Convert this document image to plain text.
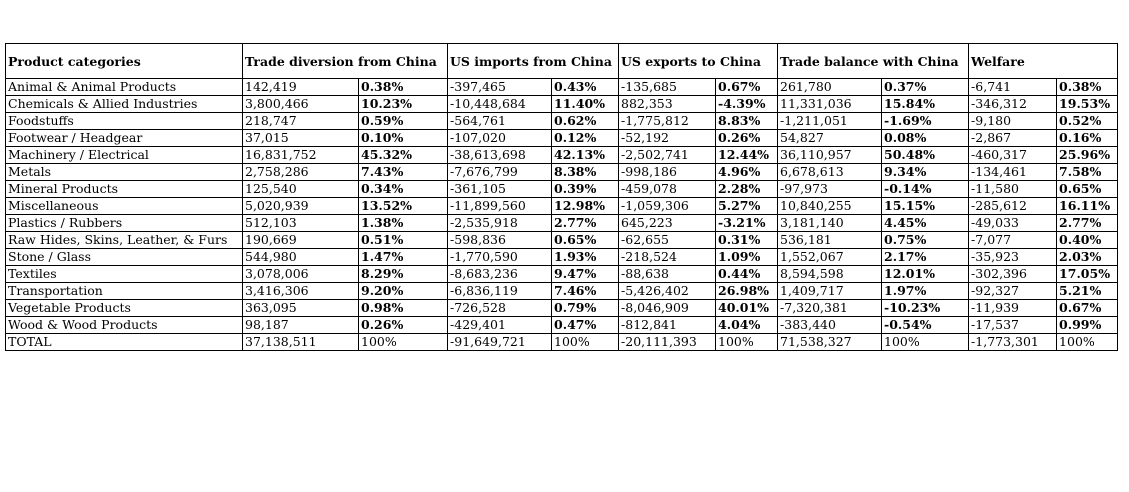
Product categories	Trade diversion from China		US imports from China		US exports to China		Trade balance with China		Welfare	
Animal & Animal Products	142,419	0.38%	-397,465	0.43%	-135,685	0.67%	261,780	0.37%	-6,741	0.38%
Chemicals & Allied Industries	3,800,466	10.23%	-10,448,684	11.40%	882,353	-4.39%	11,331,036	15.84%	-346,312	19.53%
Foodstuffs	218,747	0.59%	-564,761	0.62%	-1,775,812	8.83%	-1,211,051	-1.69%	-9,180	0.52%
Footwear / Headgear	37,015	0.10%	-107,020	0.12%	-52,192	0.26%	54,827	0.08%	-2,867	0.16%
Machinery / Electrical	16,831,752	45.32%	-38,613,698	42.13%	-2,502,741	12.44%	36,110,957	50.48%	-460,317	25.96%
Metals	2,758,286	7.43%	-7,676,799	8.38%	-998,186	4.96%	6,678,613	9.34%	-134,461	7.58%
Mineral Products	125,540	0.34%	-361,105	0.39%	-459,078	2.28%	-97,973	-0.14%	-11,580	0.65%
Miscellaneous	5,020,939	13.52%	-11,899,560	12.98%	-1,059,306	5.27%	10,840,255	15.15%	-285,612	16.11%
Plastics / Rubbers	512,103	1.38%	-2,535,918	2.77%	645,223	-3.21%	3,181,140	4.45%	-49,033	2.77%
Raw Hides, Skins, Leather, & Furs	190,669	0.51%	-598,836	0.65%	-62,655	0.31%	536,181	0.75%	-7,077	0.40%
Stone / Glass	544,980	1.47%	-1,770,590	1.93%	-218,524	1.09%	1,552,067	2.17%	-35,923	2.03%
Textiles	3,078,006	8.29%	-8,683,236	9.47%	-88,638	0.44%	8,594,598	12.01%	-302,396	17.05%
Transportation	3,416,306	9.20%	-6,836,119	7.46%	-5,426,402	26.98%	1,409,717	1.97%	-92,327	5.21%
Vegetable Products	363,095	0.98%	-726,528	0.79%	-8,046,909	40.01%	-7,320,381	-10.23%	-11,939	0.67%
Wood & Wood Products	98,187	0.26%	-429,401	0.47%	-812,841	4.04%	-383,440	-0.54%	-17,537	0.99%
TOTAL	37,138,511	100%	-91,649,721	100%	-20,111,393	100%	71,538,327	100%	-1,773,301	100%
